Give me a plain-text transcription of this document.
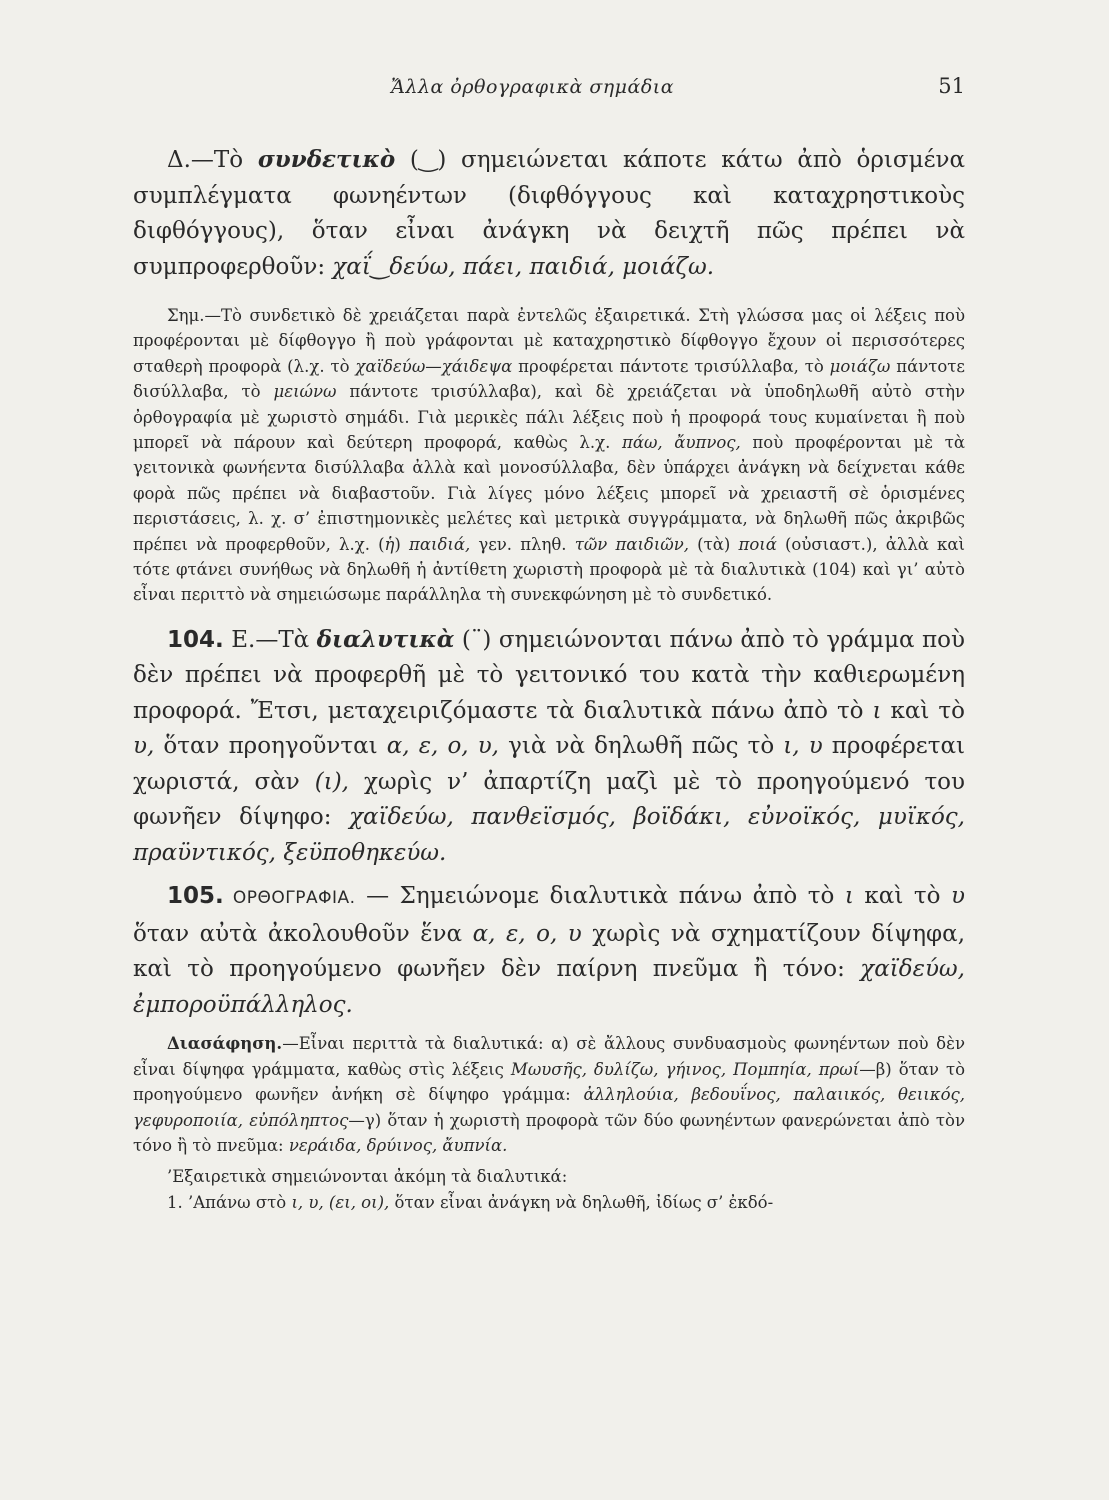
Ἄλλα ὀρθογραφικὰ σημάδια	51

Δ.—Τὸ συνδετικὸ (‿) σημειώνεται κάποτε κάτω ἀπὸ ὁρισμένα συμπλέγματα φωνηέντων (διφθόγγους καὶ καταχρηστικοὺς διφθόγγους), ὅταν εἶναι ἀνάγκη νὰ δειχτῆ πῶς πρέπει νὰ συμπροφερθοῦν: χαΐ‿δεύω, πάει, παιδιά, μοιάζω.

Σημ.—Τὸ συνδετικὸ δὲ χρειάζεται παρὰ ἐντελῶς ἐξαιρετικά. Στὴ γλώσσα μας οἱ λέξεις ποὺ προφέρονται μὲ δίφθογγο ἢ ποὺ γράφονται μὲ καταχρηστικὸ δίφθογγο ἔχουν οἱ περισσότερες σταθερὴ προφορὰ (λ.χ. τὸ χαϊδεύω—χάιδεψα προφέρεται πάντοτε τρισύλλαβα, τὸ μοιάζω πάντοτε δισύλλαβα, τὸ μειώνω πάντοτε τρισύλλαβα), καὶ δὲ χρειάζεται νὰ ὑποδηλωθῆ αὐτὸ στὴν ὀρθογραφία μὲ χωριστὸ σημάδι. Γιὰ μερικὲς πάλι λέξεις ποὺ ἡ προφορά τους κυμαίνεται ἢ ποὺ μπορεῖ νὰ πάρουν καὶ δεύτερη προφορά, καθὼς λ.χ. πάω, ἄυπνος, ποὺ προφέρονται μὲ τὰ γειτονικὰ φωνήεντα δισύλλαβα ἀλλὰ καὶ μονοσύλλαβα, δὲν ὑπάρχει ἀνάγκη νὰ δείχνεται κάθε φορὰ πῶς πρέπει νὰ διαβαστοῦν. Γιὰ λίγες μόνο λέξεις μπορεῖ νὰ χρειαστῆ σὲ ὁρισμένες περιστάσεις, λ. χ. σ’ ἐπιστημονικὲς μελέτες καὶ μετρικὰ συγγράμματα, νὰ δηλωθῆ πῶς ἀκριβῶς πρέπει νὰ προφερθοῦν, λ.χ. (ἡ) παιδιά, γεν. πληθ. τῶν παιδιῶν, (τὰ) ποιά (οὐσιαστ.), ἀλλὰ καὶ τότε φτάνει συνήθως νὰ δηλωθῆ ἡ ἀντίθετη χωριστὴ προφορὰ μὲ τὰ διαλυτικὰ (104) καὶ γι’ αὐτὸ εἶναι περιττὸ νὰ σημειώσωμε παράλληλα τὴ συνεκφώνηση μὲ τὸ συνδετικό.

104. Ε.—Τὰ διαλυτικὰ (¨) σημειώνονται πάνω ἀπὸ τὸ γράμμα ποὺ δὲν πρέπει νὰ προφερθῆ μὲ τὸ γειτονικό του κατὰ τὴν καθιερωμένη προφορά. Ἔτσι, μεταχειριζόμαστε τὰ διαλυτικὰ πάνω ἀπὸ τὸ ι καὶ τὸ υ, ὅταν προηγοῦνται α, ε, ο, υ, γιὰ νὰ δηλωθῆ πῶς τὸ ι, υ προφέρεται χωριστά, σὰν (ι), χωρὶς ν’ ἀπαρτίζη μαζὶ μὲ τὸ προηγούμενό του φωνῆεν δίψηφο: χαϊδεύω, πανθεϊσμός, βοϊδάκι, εὐνοϊκός, μυϊκός, πραϋντικός, ξεϋποθηκεύω.

105. ΟΡΘΟΓΡΑΦΙΑ. — Σημειώνομε διαλυτικὰ πάνω ἀπὸ τὸ ι καὶ τὸ υ ὅταν αὐτὰ ἀκολουθοῦν ἕνα α, ε, ο, υ χωρὶς νὰ σχηματίζουν δίψηφα, καὶ τὸ προηγούμενο φωνῆεν δὲν παίρνη πνεῦμα ἢ τόνο: χαϊδεύω, ἐμποροϋπάλληλος.

Διασάφηση.—Εἶναι περιττὰ τὰ διαλυτικά: α) σὲ ἄλλους συνδυασμοὺς φωνηέντων ποὺ δὲν εἶναι δίψηφα γράμματα, καθὼς στὶς λέξεις Μωυσῆς, δυλίζω, γήινος, Πομπηία, πρωί—β) ὅταν τὸ προηγούμενο φωνῆεν ἀνήκη σὲ δίψηφο γράμμα: ἀλληλούια, βεδουΐνος, παλαιικός, θειικός, γεφυροποιία, εὐπόληπτος—γ) ὅταν ἡ χωριστὴ προφορὰ τῶν δύο φωνηέντων φανερώνεται ἀπὸ τὸν τόνο ἢ τὸ πνεῦμα: νεράιδα, δρύινος, ἄυπνία.

’Εξαιρετικὰ σημειώνονται ἀκόμη τὰ διαλυτικά:

1. ’Απάνω στὸ ι, υ, (ει, οι), ὅταν εἶναι ἀνάγκη νὰ δηλωθῆ, ἰδίως σ’ ἐκδό-
